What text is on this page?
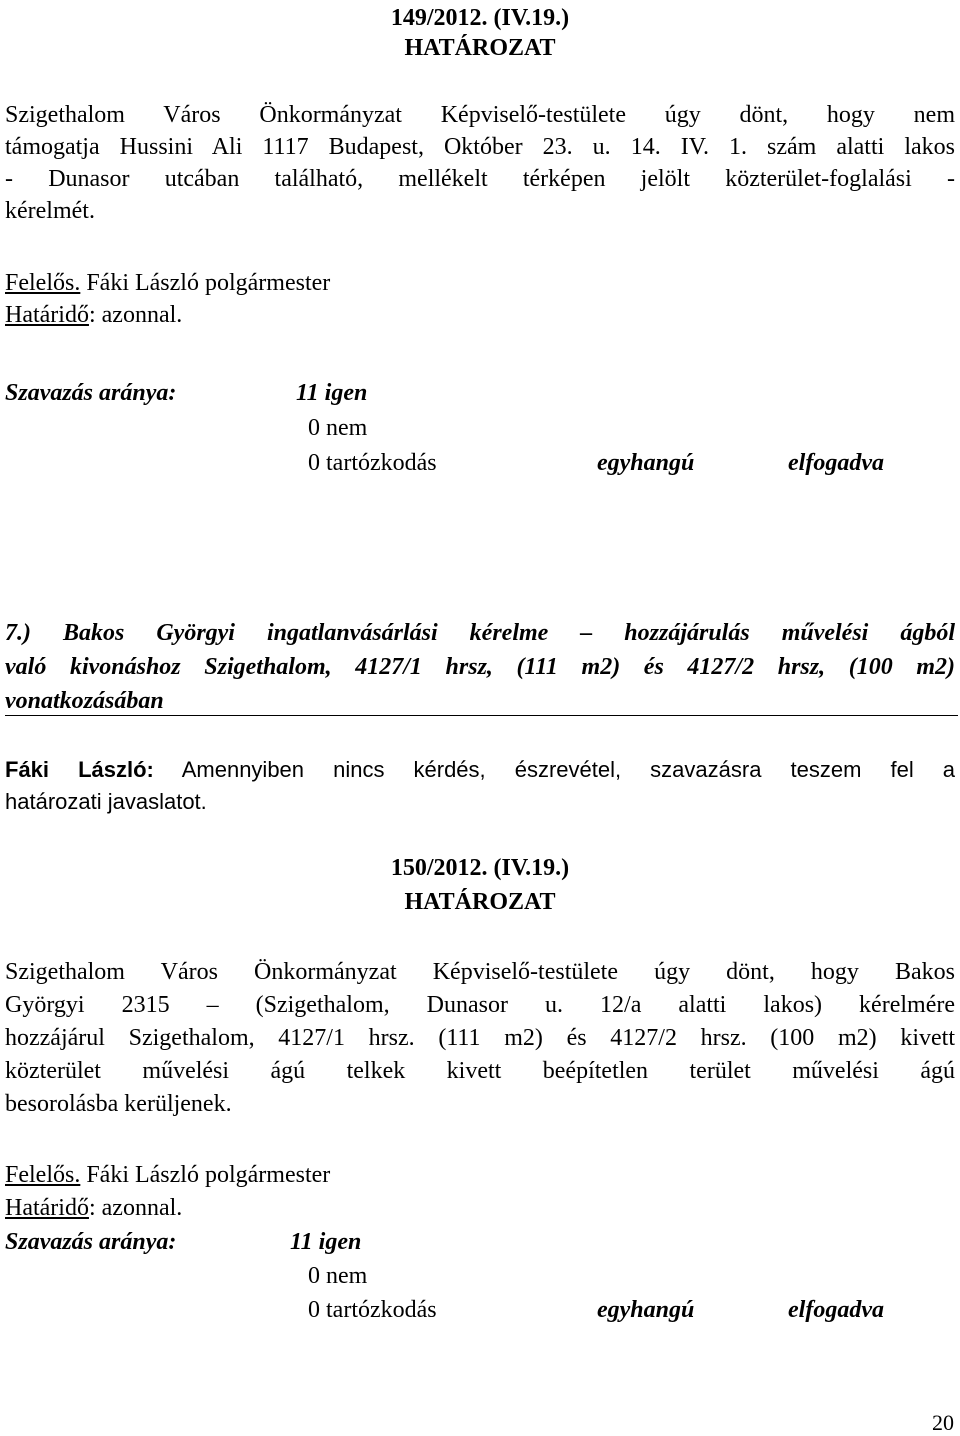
149/2012. (IV.19.)
HATÁROZAT
Szigethalom Város Önkormányzat Képviselő-testülete úgy dönt, hogy nem
támogatja Hussini Ali 1117 Budapest, Október 23. u. 14. IV. 1. szám alatti lakos
- Dunasor utcában található, mellékelt térképen jelölt közterület-foglalási -
kérelmét.
Felelős. Fáki László polgármester
Határidő: azonnal.
Szavazás aránya:	11 igen
0 nem
0 tartózkodás	egyhangú	elfogadva
7.) Bakos Györgyi ingatlanvásárlási kérelme – hozzájárulás művelési ágból
való kivonáshoz Szigethalom, 4127/1 hrsz, (111 m2) és 4127/2 hrsz, (100 m2)
vonatkozásában
Fáki László: Amennyiben nincs kérdés, észrevétel, szavazásra teszem fel a
határozati javaslatot.
150/2012. (IV.19.)
HATÁROZAT
Szigethalom Város Önkormányzat Képviselő-testülete úgy dönt, hogy Bakos
Györgyi 2315 – (Szigethalom, Dunasor u. 12/a alatti lakos) kérelmére
hozzájárul Szigethalom, 4127/1 hrsz. (111 m2) és 4127/2 hrsz. (100 m2) kivett
közterület művelési ágú telkek kivett beépítetlen terület művelési ágú
besorolásba kerüljenek.
Felelős. Fáki László polgármester
Határidő: azonnal.
Szavazás aránya:	11 igen
0 nem
0 tartózkodás	egyhangú	elfogadva
20
